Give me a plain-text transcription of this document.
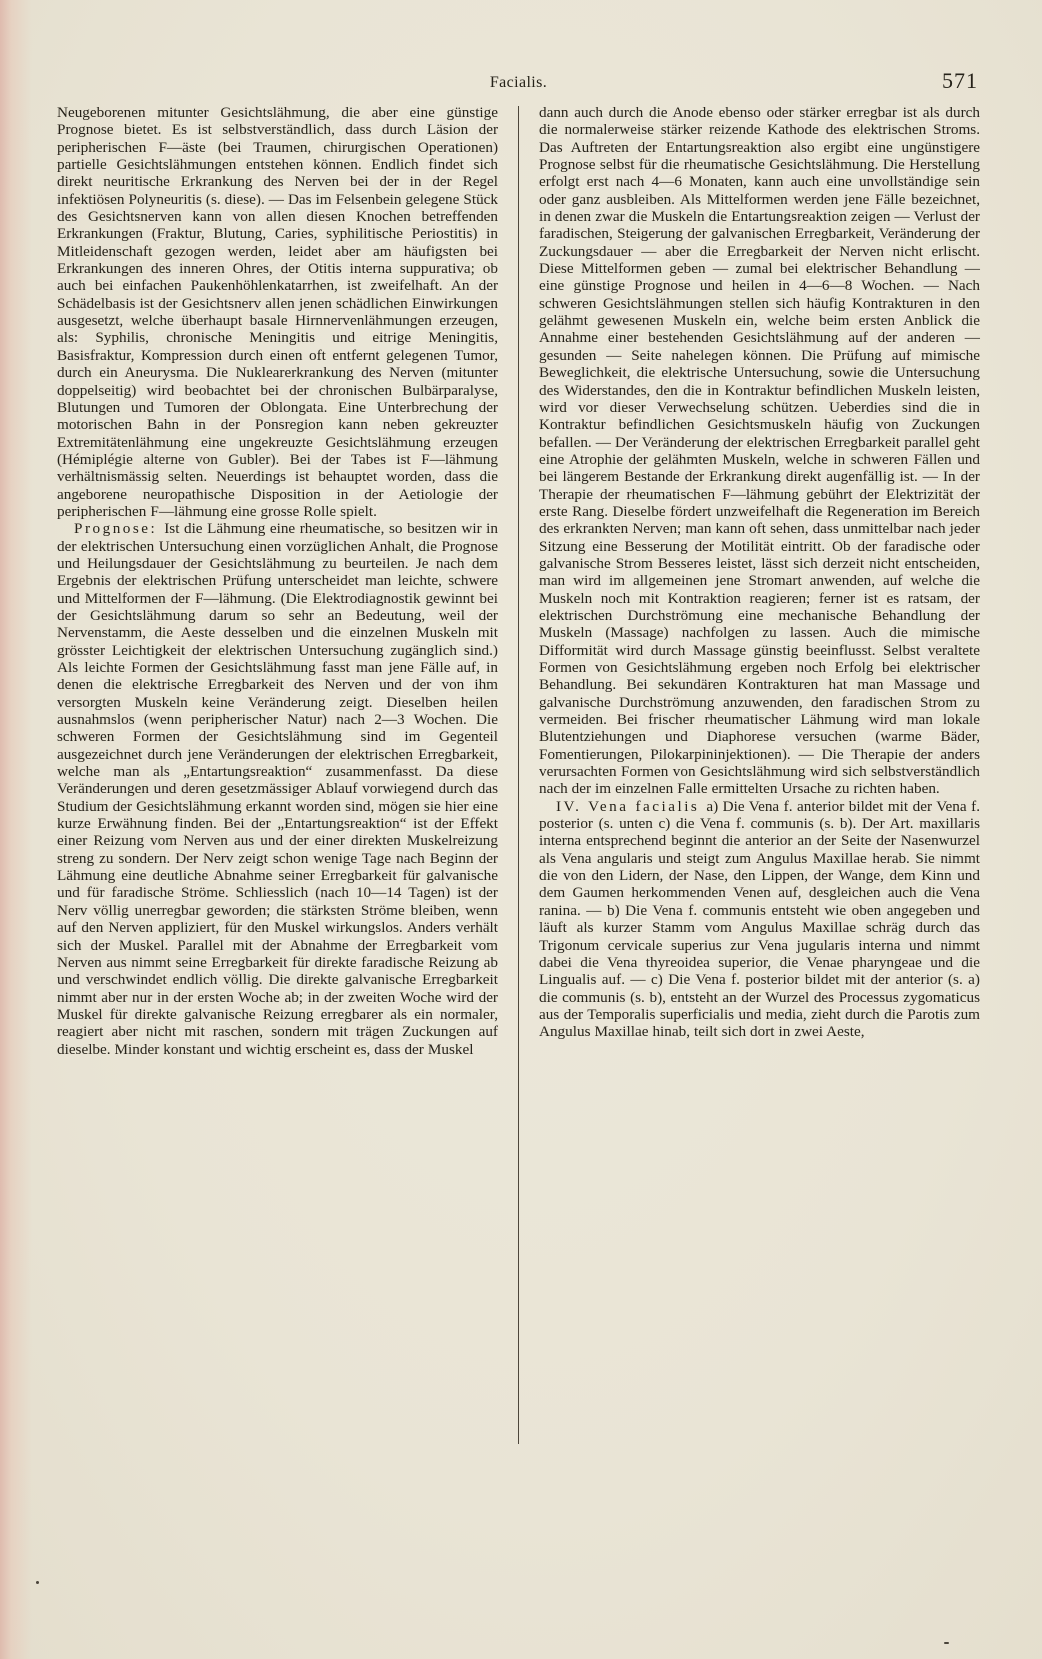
Facialis.	571

Neugeborenen mitunter Gesichtslähmung, die aber eine günstige Prognose bietet. Es ist selbstverständlich, dass durch Läsion der peripherischen F—äste (bei Traumen, chirurgischen Operationen) partielle Gesichtslähmungen entstehen können. Endlich findet sich direkt neuritische Erkrankung des Nerven bei der in der Regel infektiösen Polyneuritis (s. diese). — Das im Felsenbein gelegene Stück des Gesichtsnerven kann von allen diesen Knochen betreffenden Erkrankungen (Fraktur, Blutung, Caries, syphilitische Periostitis) in Mitleidenschaft gezogen werden, leidet aber am häufigsten bei Erkrankungen des inneren Ohres, der Otitis interna suppurativa; ob auch bei einfachen Paukenhöhlenkatarrhen, ist zweifelhaft. An der Schädelbasis ist der Gesichtsnerv allen jenen schädlichen Einwirkungen ausgesetzt, welche überhaupt basale Hirnnervenlähmungen erzeugen, als: Syphilis, chronische Meningitis und eitrige Meningitis, Basisfraktur, Kompression durch einen oft entfernt gelegenen Tumor, durch ein Aneurysma. Die Nuklearerkrankung des Nerven (mitunter doppelseitig) wird beobachtet bei der chronischen Bulbärparalyse, Blutungen und Tumoren der Oblongata. Eine Unterbrechung der motorischen Bahn in der Ponsregion kann neben gekreuzter Extremitätenlähmung eine ungekreuzte Gesichtslähmung erzeugen (Hémiplégie alterne von Gubler). Bei der Tabes ist F—lähmung verhältnismässig selten. Neuerdings ist behauptet worden, dass die angeborene neuropathische Disposition in der Aetiologie der peripherischen F—lähmung eine grosse Rolle spielt.

Prognose: Ist die Lähmung eine rheumatische, so besitzen wir in der elektrischen Untersuchung einen vorzüglichen Anhalt, die Prognose und Heilungsdauer der Gesichtslähmung zu beurteilen. Je nach dem Ergebnis der elektrischen Prüfung unterscheidet man leichte, schwere und Mittelformen der F—lähmung. (Die Elektrodiagnostik gewinnt bei der Gesichtslähmung darum so sehr an Bedeutung, weil der Nervenstamm, die Aeste desselben und die einzelnen Muskeln mit grösster Leichtigkeit der elektrischen Untersuchung zugänglich sind.) Als leichte Formen der Gesichtslähmung fasst man jene Fälle auf, in denen die elektrische Erregbarkeit des Nerven und der von ihm versorgten Muskeln keine Veränderung zeigt. Dieselben heilen ausnahmslos (wenn peripherischer Natur) nach 2—3 Wochen. Die schweren Formen der Gesichtslähmung sind im Gegenteil ausgezeichnet durch jene Veränderungen der elektrischen Erregbarkeit, welche man als „Entartungsreaktion“ zusammenfasst. Da diese Veränderungen und deren gesetzmässiger Ablauf vorwiegend durch das Studium der Gesichtslähmung erkannt worden sind, mögen sie hier eine kurze Erwähnung finden. Bei der „Entartungsreaktion“ ist der Effekt einer Reizung vom Nerven aus und der einer direkten Muskelreizung streng zu sondern. Der Nerv zeigt schon wenige Tage nach Beginn der Lähmung eine deutliche Abnahme seiner Erregbarkeit für galvanische und für faradische Ströme. Schliesslich (nach 10—14 Tagen) ist der Nerv völlig unerregbar geworden; die stärksten Ströme bleiben, wenn auf den Nerven appliziert, für den Muskel wirkungslos. Anders verhält sich der Muskel. Parallel mit der Abnahme der Erregbarkeit vom Nerven aus nimmt seine Erregbarkeit für direkte faradische Reizung ab und verschwindet endlich völlig. Die direkte galvanische Erregbarkeit nimmt aber nur in der ersten Woche ab; in der zweiten Woche wird der Muskel für direkte galvanische Reizung erregbarer als ein normaler, reagiert aber nicht mit raschen, sondern mit trägen Zuckungen auf dieselbe. Minder konstant und wichtig erscheint es, dass der Muskel

dann auch durch die Anode ebenso oder stärker erregbar ist als durch die normalerweise stärker reizende Kathode des elektrischen Stroms. Das Auftreten der Entartungsreaktion also ergibt eine ungünstigere Prognose selbst für die rheumatische Gesichtslähmung. Die Herstellung erfolgt erst nach 4—6 Monaten, kann auch eine unvollständige sein oder ganz ausbleiben. Als Mittelformen werden jene Fälle bezeichnet, in denen zwar die Muskeln die Entartungsreaktion zeigen — Verlust der faradischen, Steigerung der galvanischen Erregbarkeit, Veränderung der Zuckungsdauer — aber die Erregbarkeit der Nerven nicht erlischt. Diese Mittelformen geben — zumal bei elektrischer Behandlung — eine günstige Prognose und heilen in 4—6—8 Wochen. — Nach schweren Gesichtslähmungen stellen sich häufig Kontrakturen in den gelähmt gewesenen Muskeln ein, welche beim ersten Anblick die Annahme einer bestehenden Gesichtslähmung auf der anderen — gesunden — Seite nahelegen können. Die Prüfung auf mimische Beweglichkeit, die elektrische Untersuchung, sowie die Untersuchung des Widerstandes, den die in Kontraktur befindlichen Muskeln leisten, wird vor dieser Verwechselung schützen. Ueberdies sind die in Kontraktur befindlichen Gesichtsmuskeln häufig von Zuckungen befallen. — Der Veränderung der elektrischen Erregbarkeit parallel geht eine Atrophie der gelähmten Muskeln, welche in schweren Fällen und bei längerem Bestande der Erkrankung direkt augenfällig ist. — In der Therapie der rheumatischen F—lähmung gebührt der Elektrizität der erste Rang. Dieselbe fördert unzweifelhaft die Regeneration im Bereich des erkrankten Nerven; man kann oft sehen, dass unmittelbar nach jeder Sitzung eine Besserung der Motilität eintritt. Ob der faradische oder galvanische Strom Besseres leistet, lässt sich derzeit nicht entscheiden, man wird im allgemeinen jene Stromart anwenden, auf welche die Muskeln noch mit Kontraktion reagieren; ferner ist es ratsam, der elektrischen Durchströmung eine mechanische Behandlung der Muskeln (Massage) nachfolgen zu lassen. Auch die mimische Difformität wird durch Massage günstig beeinflusst. Selbst veraltete Formen von Gesichtslähmung ergeben noch Erfolg bei elektrischer Behandlung. Bei sekundären Kontrakturen hat man Massage und galvanische Durchströmung anzuwenden, den faradischen Strom zu vermeiden. Bei frischer rheumatischer Lähmung wird man lokale Blutentziehungen und Diaphorese versuchen (warme Bäder, Fomentierungen, Pilokarpininjektionen). — Die Therapie der anders verursachten Formen von Gesichtslähmung wird sich selbstverständlich nach der im einzelnen Falle ermittelten Ursache zu richten haben.

IV. Vena facialis a) Die Vena f. anterior bildet mit der Vena f. posterior (s. unten c) die Vena f. communis (s. b). Der Art. maxillaris interna entsprechend beginnt die anterior an der Seite der Nasenwurzel als Vena angularis und steigt zum Angulus Maxillae herab. Sie nimmt die von den Lidern, der Nase, den Lippen, der Wange, dem Kinn und dem Gaumen herkommenden Venen auf, desgleichen auch die Vena ranina. — b) Die Vena f. communis entsteht wie oben angegeben und läuft als kurzer Stamm vom Angulus Maxillae schräg durch das Trigonum cervicale superius zur Vena jugularis interna und nimmt dabei die Vena thyreoidea superior, die Venae pharyngeae und die Lingualis auf. — c) Die Vena f. posterior bildet mit der anterior (s. a) die communis (s. b), entsteht an der Wurzel des Processus zygomaticus aus der Temporalis superficialis und media, zieht durch die Parotis zum Angulus Maxillae hinab, teilt sich dort in zwei Aeste,
